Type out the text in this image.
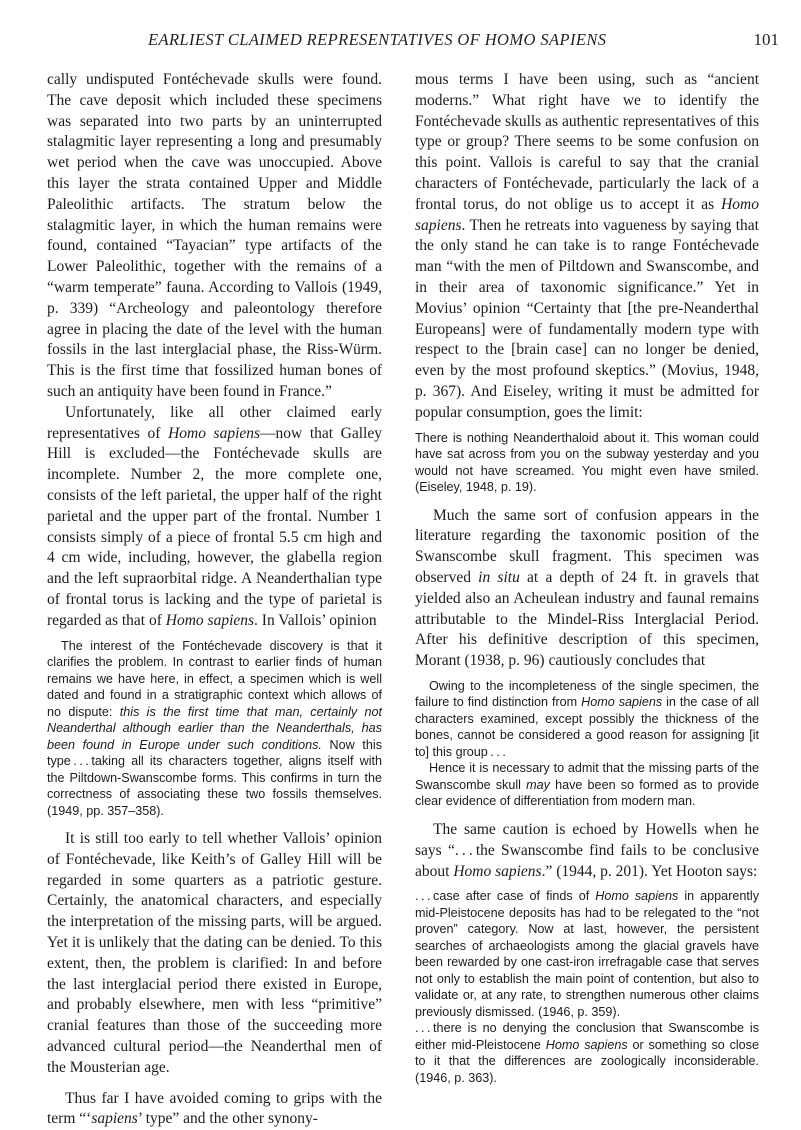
EARLIEST CLAIMED REPRESENTATIVES OF HOMO SAPIENS	101

cally undisputed Fontéchevade skulls were found. The cave deposit which included these specimens was separated into two parts by an uninterrupted stalagmitic layer representing a long and presumably wet period when the cave was unoccupied. Above this layer the strata contained Upper and Middle Paleolithic artifacts. The stratum below the stalagmitic layer, in which the human remains were found, contained “Tayacian” type artifacts of the Lower Paleolithic, together with the remains of a “warm temperate” fauna. According to Vallois (1949, p. 339) “Archeology and paleontology therefore agree in placing the date of the level with the human fossils in the last interglacial phase, the Riss-Würm. This is the first time that fossilized human bones of such an antiquity have been found in France.”

Unfortunately, like all other claimed early representatives of Homo sapiens—now that Galley Hill is excluded—the Fontéchevade skulls are incomplete. Number 2, the more complete one, consists of the left parietal, the upper half of the right parietal and the upper part of the frontal. Number 1 consists simply of a piece of frontal 5.5 cm high and 4 cm wide, including, however, the glabella region and the left supraorbital ridge. A Neanderthalian type of frontal torus is lacking and the type of parietal is regarded as that of Homo sapiens. In Vallois’ opinion

The interest of the Fontéchevade discovery is that it clarifies the problem. In contrast to earlier finds of human remains we have here, in effect, a specimen which is well dated and found in a stratigraphic context which allows of no dispute: this is the first time that man, certainly not Neanderthal although earlier than the Neanderthals, has been found in Europe under such conditions. Now this type . . . taking all its characters together, aligns itself with the Piltdown-Swanscombe forms. This confirms in turn the correctness of associating these two fossils themselves. (1949, pp. 357–358).

It is still too early to tell whether Vallois’ opinion of Fontéchevade, like Keith’s of Galley Hill will be regarded in some quarters as a patriotic gesture. Certainly, the anatomical characters, and especially the interpretation of the missing parts, will be argued. Yet it is unlikely that the dating can be denied. To this extent, then, the problem is clarified: In and before the last interglacial period there existed in Europe, and probably elsewhere, men with less “primitive” cranial features than those of the succeeding more advanced cultural period—the Neanderthal men of the Mousterian age.

Thus far I have avoided coming to grips with the term “‘sapiens’ type” and the other synony-

mous terms I have been using, such as “ancient moderns.” What right have we to identify the Fontéchevade skulls as authentic representatives of this type or group? There seems to be some confusion on this point. Vallois is careful to say that the cranial characters of Fontéchevade, particularly the lack of a frontal torus, do not oblige us to accept it as Homo sapiens. Then he retreats into vagueness by saying that the only stand he can take is to range Fontéchevade man “with the men of Piltdown and Swanscombe, and in their area of taxonomic significance.” Yet in Movius’ opinion “Certainty that [the pre-Neanderthal Europeans] were of fundamentally modern type with respect to the [brain case] can no longer be denied, even by the most profound skeptics.” (Movius, 1948, p. 367). And Eiseley, writing it must be admitted for popular consumption, goes the limit:

There is nothing Neanderthaloid about it. This woman could have sat across from you on the subway yesterday and you would not have screamed. You might even have smiled. (Eiseley, 1948, p. 19).

Much the same sort of confusion appears in the literature regarding the taxonomic position of the Swanscombe skull fragment. This specimen was observed in situ at a depth of 24 ft. in gravels that yielded also an Acheulean industry and faunal remains attributable to the Mindel-Riss Interglacial Period. After his definitive description of this specimen, Morant (1938, p. 96) cautiously concludes that

Owing to the incompleteness of the single specimen, the failure to find distinction from Homo sapiens in the case of all characters examined, except possibly the thickness of the bones, cannot be considered a good reason for assigning [it to] this group . . .

Hence it is necessary to admit that the missing parts of the Swanscombe skull may have been so formed as to provide clear evidence of differentiation from modern man.

The same caution is echoed by Howells when he says “. . . the Swanscombe find fails to be conclusive about Homo sapiens.” (1944, p. 201). Yet Hooton says:

. . . case after case of finds of Homo sapiens in apparently mid-Pleistocene deposits has had to be relegated to the “not proven” category. Now at last, however, the persistent searches of archaeologists among the glacial gravels have been rewarded by one cast-iron irrefragable case that serves not only to establish the main point of contention, but also to validate or, at any rate, to strengthen numerous other claims previously dismissed. (1946, p. 359).

. . . there is no denying the conclusion that Swanscombe is either mid-Pleistocene Homo sapiens or something so close to it that the differences are zoologically inconsiderable. (1946, p. 363).
